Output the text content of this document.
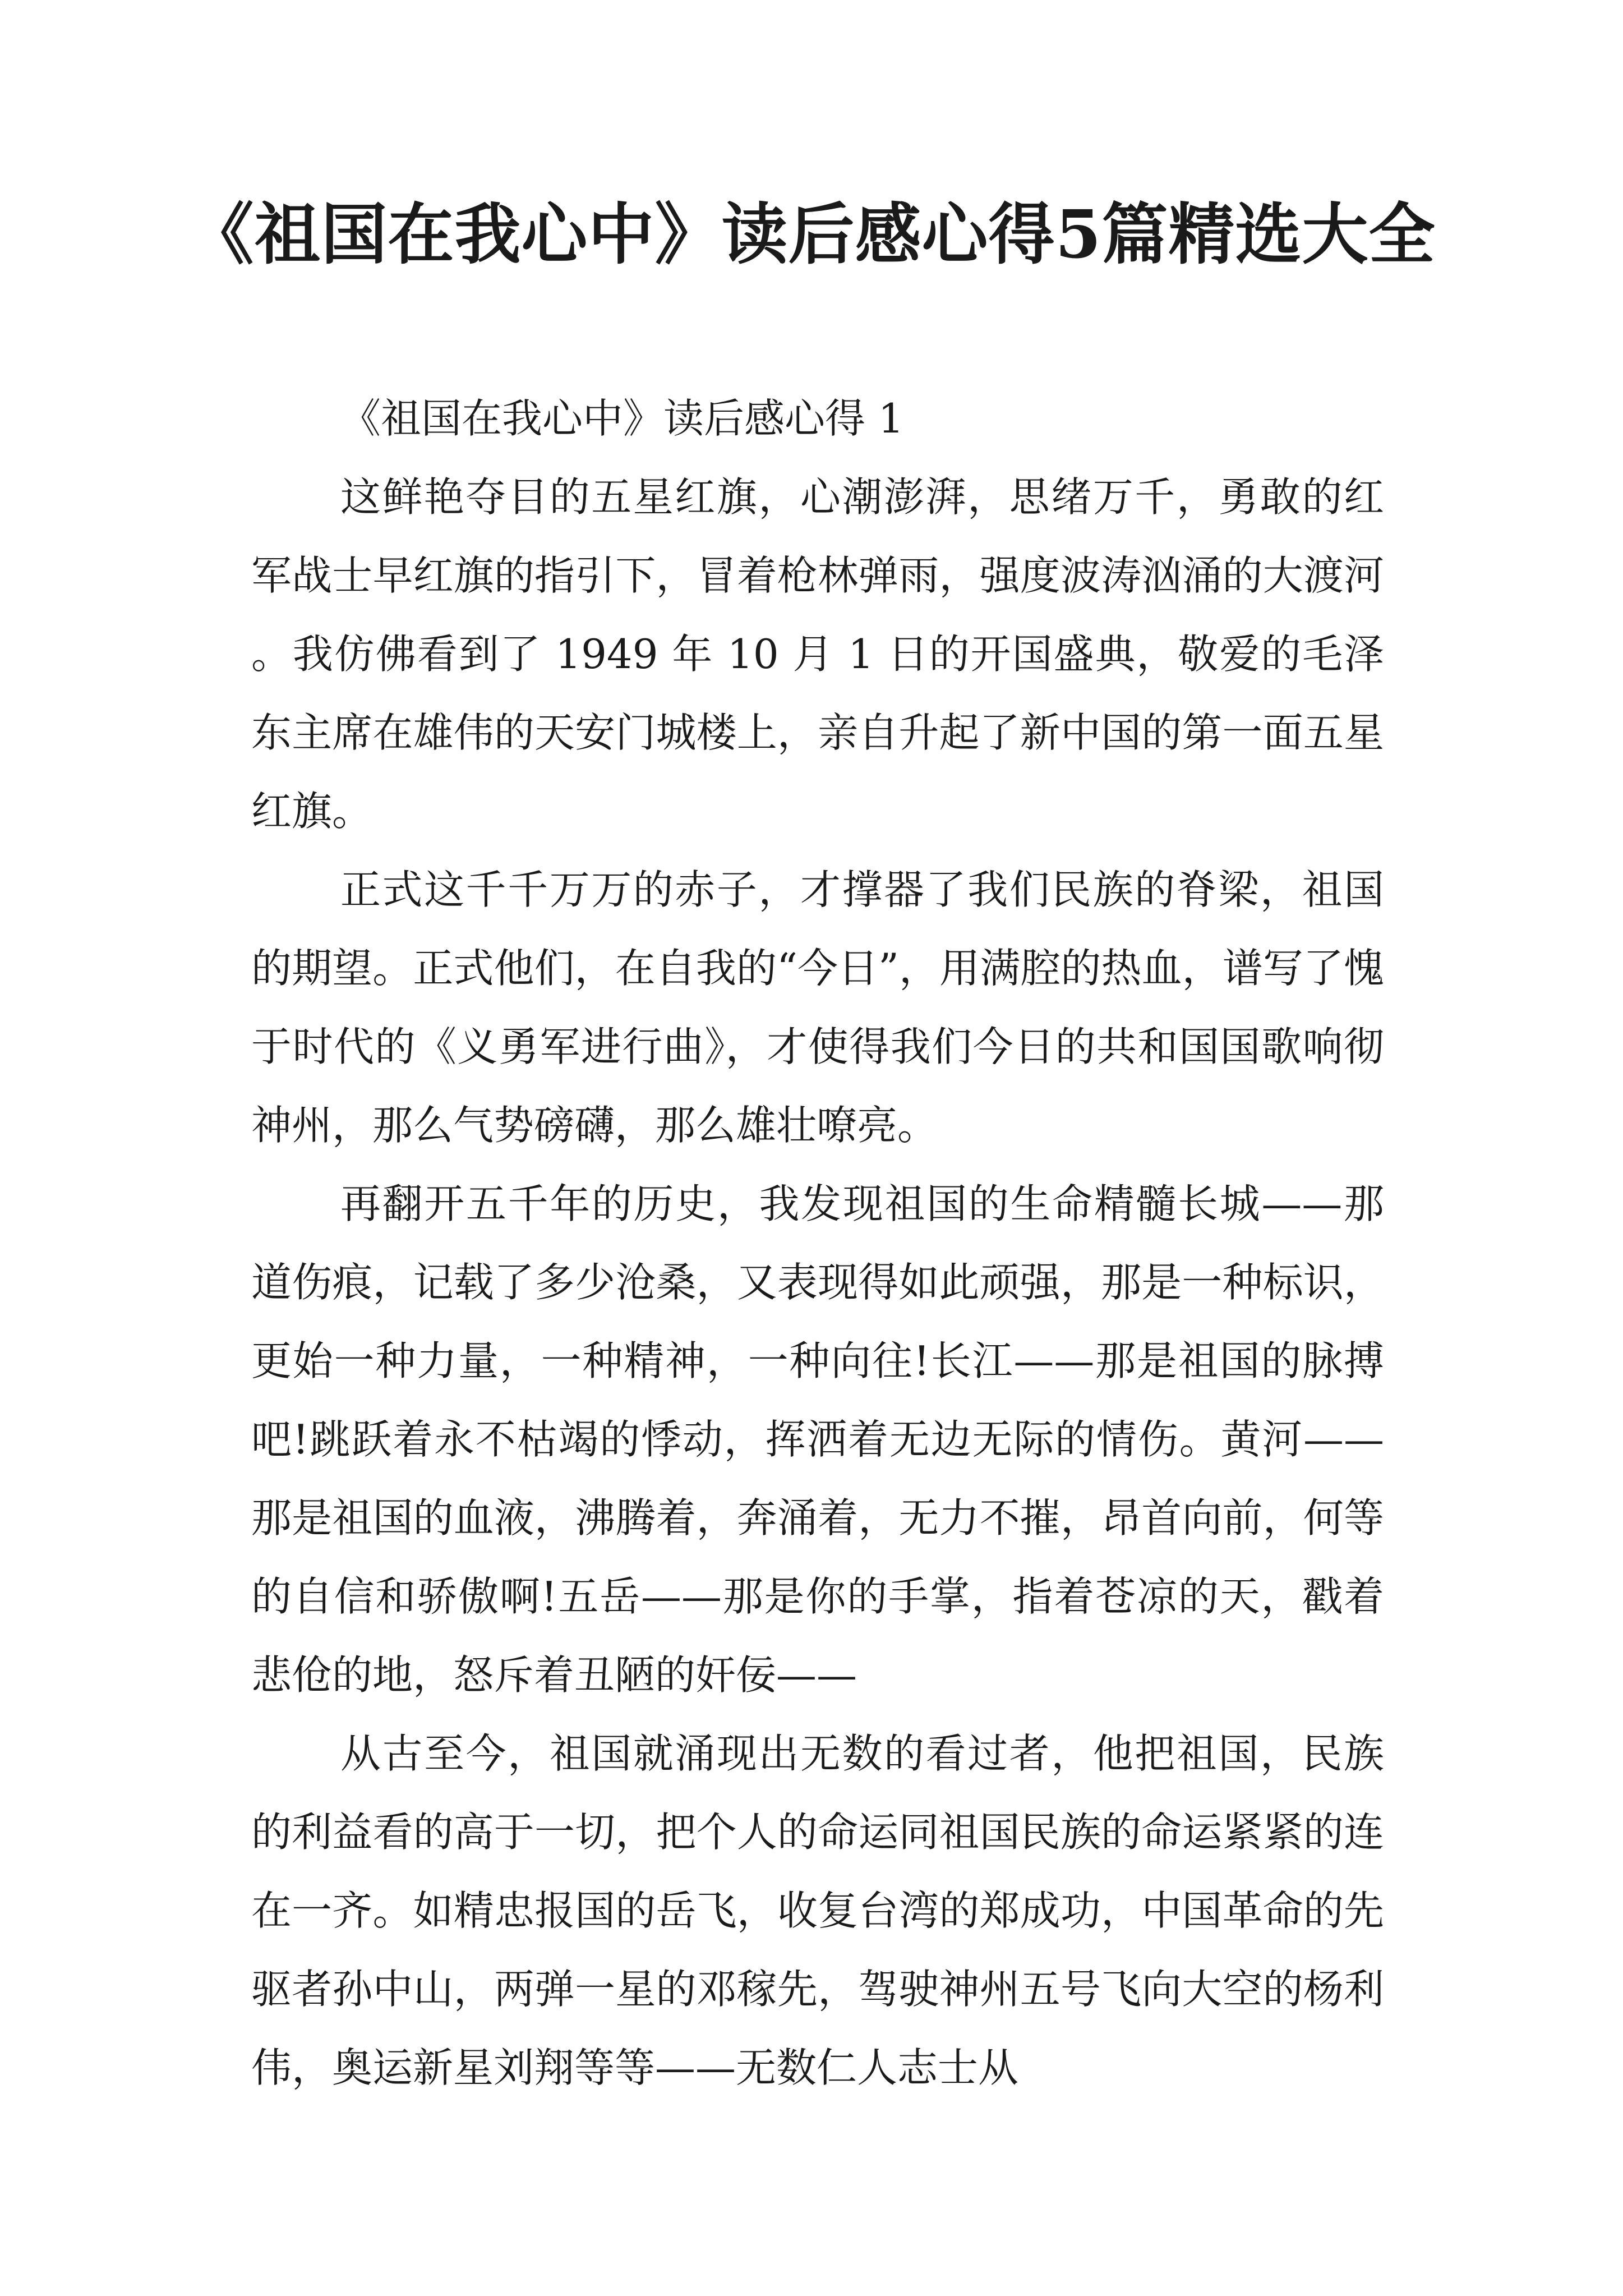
《祖国在我心中》读后感心得5篇精选大全

《祖国在我心中》读后感心得 1

这鲜艳夺目的五星红旗，心潮澎湃，思绪万千，勇敢的红军战士早红旗的指引下，冒着枪林弹雨，强度波涛汹涌的大渡河。我仿佛看到了 1949 年 10 月 1 日的开国盛典，敬爱的毛泽东主席在雄伟的天安门城楼上，亲自升起了新中国的第一面五星红旗。

正式这千千万万的赤子，才撑器了我们民族的脊梁，祖国的期望。正式他们，在自我的“今日”，用满腔的热血，谱写了愧于时代的《义勇军进行曲》，才使得我们今日的共和国国歌响彻神州，那么气势磅礴，那么雄壮嘹亮。

再翻开五千年的历史，我发现祖国的生命精髓长城——那道伤痕，记载了多少沧桑，又表现得如此顽强，那是一种标识，更始一种力量，一种精神，一种向往!长江——那是祖国的脉搏吧!跳跃着永不枯竭的悸动，挥洒着无边无际的情伤。黄河——那是祖国的血液，沸腾着，奔涌着，无力不摧，昂首向前，何等的自信和骄傲啊!五岳——那是你的手掌，指着苍凉的天，戳着悲伧的地，怒斥着丑陋的奸佞——

从古至今，祖国就涌现出无数的看过者，他把祖国，民族的利益看的高于一切，把个人的命运同祖国民族的命运紧紧的连在一齐。如精忠报国的岳飞，收复台湾的郑成功，中国革命的先驱者孙中山，两弹一星的邓稼先，驾驶神州五号飞向大空的杨利伟，奥运新星刘翔等等——无数仁人志士从
